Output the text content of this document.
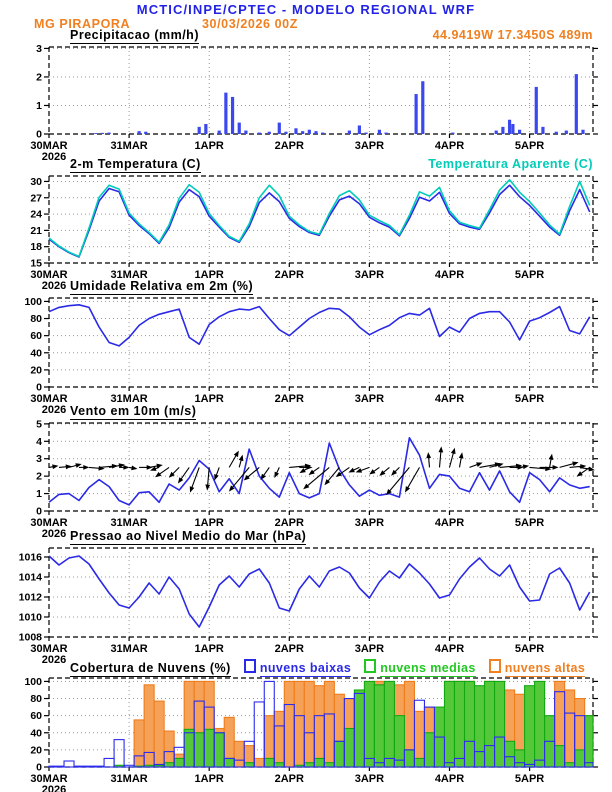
0
1
2
3
30MAR
2026
31MAR	1APR	2APR	3APR	4APR	5APR
15
18
21
24
27
30
30MAR
2026
31MAR	1APR	2APR	3APR	4APR	5APR
0
20
40
60
80
100
30MAR
2026
31MAR	1APR	2APR	3APR	4APR	5APR
0
1
2
3
4
5
30MAR
2026
31MAR	1APR	2APR	3APR	4APR	5APR
1008
1010
1012
1014
1016
30MAR
2026
31MAR	1APR	2APR	3APR	4APR	5APR
0
20
40
60
80
100
30MAR
2026
31MAR	1APR	2APR	3APR	4APR	5APR
MCTIC/INPE/CPTEC - MODELO REGIONAL WRF
MG PIRAPORA	30/03/2026 00Z
Precipitacao (mm/h)	44.9419W 17.3450S 489m
2-m Temperatura (C)	Temperatura Aparente (C)
Umidade Relativa em 2m (%)
Vento em 10m (m/s)
Pressao ao Nivel Medio do Mar (hPa)
Cobertura de Nuvens (%) nuvens baixas nuvens medias nuvens altas
